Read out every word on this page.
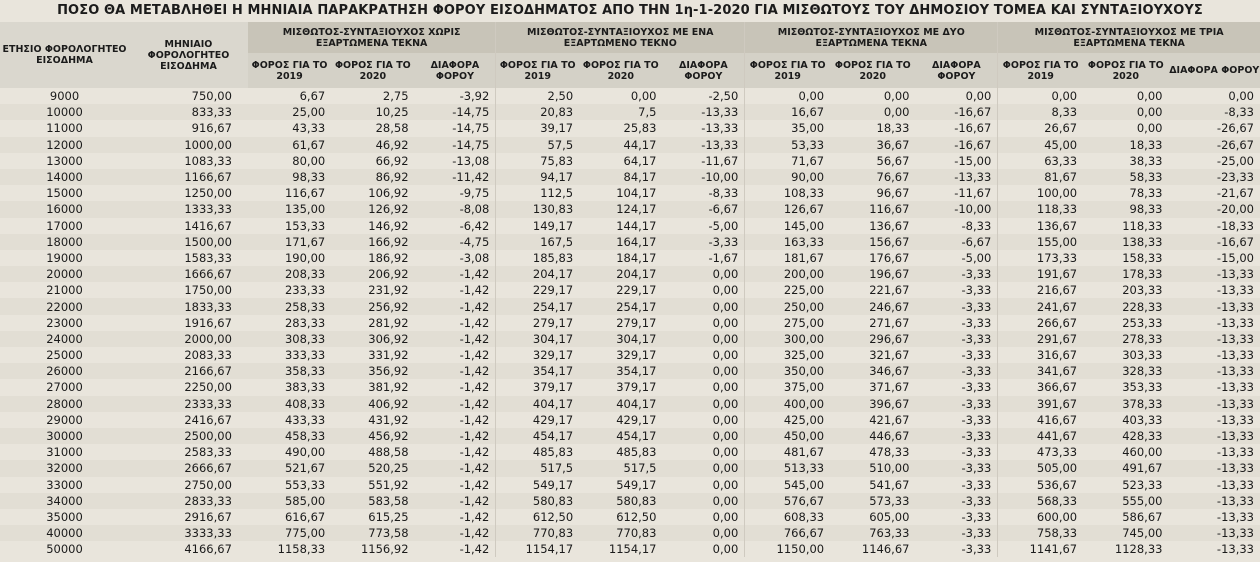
ΠΟΣΟ ΘΑ ΜΕΤΑΒΛΗΘΕΙ Η ΜΗΝΙΑΙΑ ΠΑΡΑΚΡΑΤΗΣΗ ΦΟΡΟΥ ΕΙΣΟΔΗΜΑΤΟΣ ΑΠΟ ΤΗΝ 1η-1-2020 ΓΙΑ ΜΙΣΘΩΤΟΥΣ ΤΟΥ ΔΗΜΟΣΙΟΥ ΤΟΜΕΑ ΚΑΙ ΣΥΝΤΑΞΙΟΥΧΟΥΣ
ΕΤΗΣΙΟ ΦΟΡΟΛΟΓΗΤΕΟ ΕΙΣΟΔΗΜΑ	ΜΗΝΙΑΙΟ ΦΟΡΟΛΟΓΗΤΕΟ ΕΙΣΟΔΗΜΑ	ΜΙΣΘΩΤΟΣ-ΣΥΝΤΑΞΙΟΥΧΟΣ ΧΩΡΙΣ ΕΞΑΡΤΩΜΕΝΑ ΤΕΚΝΑ			ΜΙΣΘΩΤΟΣ-ΣΥΝΤΑΞΙΟΥΧΟΣ ΜΕ ΕΝΑ ΕΞΑΡΤΩΜΕΝΟ ΤΕΚΝΟ			ΜΙΣΘΩΤΟΣ-ΣΥΝΤΑΞΙΟΥΧΟΣ ΜΕ ΔΥΟ ΕΞΑΡΤΩΜΕΝΑ ΤΕΚΝΑ			ΜΙΣΘΩΤΟΣ-ΣΥΝΤΑΞΙΟΥΧΟΣ ΜΕ ΤΡΙΑ ΕΞΑΡΤΩΜΕΝΑ ΤΕΚΝΑ		
		ΦΟΡΟΣ ΓΙΑ ΤΟ 2019	ΦΟΡΟΣ ΓΙΑ ΤΟ 2020	ΔΙΑΦΟΡΑ ΦΟΡΟΥ	ΦΟΡΟΣ ΓΙΑ ΤΟ 2019	ΦΟΡΟΣ ΓΙΑ ΤΟ 2020	ΔΙΑΦΟΡΑ ΦΟΡΟΥ	ΦΟΡΟΣ ΓΙΑ ΤΟ 2019	ΦΟΡΟΣ ΓΙΑ ΤΟ 2020	ΔΙΑΦΟΡΑ ΦΟΡΟΥ	ΦΟΡΟΣ ΓΙΑ ΤΟ 2019	ΦΟΡΟΣ ΓΙΑ ΤΟ 2020	ΔΙΑΦΟΡΑ ΦΟΡΟΥ
9000	750,00	6,67	2,75	-3,92	2,50	0,00	-2,50	0,00	0,00	0,00	0,00	0,00	0,00
10000	833,33	25,00	10,25	-14,75	20,83	7,5	-13,33	16,67	0,00	-16,67	8,33	0,00	-8,33
11000	916,67	43,33	28,58	-14,75	39,17	25,83	-13,33	35,00	18,33	-16,67	26,67	0,00	-26,67
12000	1000,00	61,67	46,92	-14,75	57,5	44,17	-13,33	53,33	36,67	-16,67	45,00	18,33	-26,67
13000	1083,33	80,00	66,92	-13,08	75,83	64,17	-11,67	71,67	56,67	-15,00	63,33	38,33	-25,00
14000	1166,67	98,33	86,92	-11,42	94,17	84,17	-10,00	90,00	76,67	-13,33	81,67	58,33	-23,33
15000	1250,00	116,67	106,92	-9,75	112,5	104,17	-8,33	108,33	96,67	-11,67	100,00	78,33	-21,67
16000	1333,33	135,00	126,92	-8,08	130,83	124,17	-6,67	126,67	116,67	-10,00	118,33	98,33	-20,00
17000	1416,67	153,33	146,92	-6,42	149,17	144,17	-5,00	145,00	136,67	-8,33	136,67	118,33	-18,33
18000	1500,00	171,67	166,92	-4,75	167,5	164,17	-3,33	163,33	156,67	-6,67	155,00	138,33	-16,67
19000	1583,33	190,00	186,92	-3,08	185,83	184,17	-1,67	181,67	176,67	-5,00	173,33	158,33	-15,00
20000	1666,67	208,33	206,92	-1,42	204,17	204,17	0,00	200,00	196,67	-3,33	191,67	178,33	-13,33
21000	1750,00	233,33	231,92	-1,42	229,17	229,17	0,00	225,00	221,67	-3,33	216,67	203,33	-13,33
22000	1833,33	258,33	256,92	-1,42	254,17	254,17	0,00	250,00	246,67	-3,33	241,67	228,33	-13,33
23000	1916,67	283,33	281,92	-1,42	279,17	279,17	0,00	275,00	271,67	-3,33	266,67	253,33	-13,33
24000	2000,00	308,33	306,92	-1,42	304,17	304,17	0,00	300,00	296,67	-3,33	291,67	278,33	-13,33
25000	2083,33	333,33	331,92	-1,42	329,17	329,17	0,00	325,00	321,67	-3,33	316,67	303,33	-13,33
26000	2166,67	358,33	356,92	-1,42	354,17	354,17	0,00	350,00	346,67	-3,33	341,67	328,33	-13,33
27000	2250,00	383,33	381,92	-1,42	379,17	379,17	0,00	375,00	371,67	-3,33	366,67	353,33	-13,33
28000	2333,33	408,33	406,92	-1,42	404,17	404,17	0,00	400,00	396,67	-3,33	391,67	378,33	-13,33
29000	2416,67	433,33	431,92	-1,42	429,17	429,17	0,00	425,00	421,67	-3,33	416,67	403,33	-13,33
30000	2500,00	458,33	456,92	-1,42	454,17	454,17	0,00	450,00	446,67	-3,33	441,67	428,33	-13,33
31000	2583,33	490,00	488,58	-1,42	485,83	485,83	0,00	481,67	478,33	-3,33	473,33	460,00	-13,33
32000	2666,67	521,67	520,25	-1,42	517,5	517,5	0,00	513,33	510,00	-3,33	505,00	491,67	-13,33
33000	2750,00	553,33	551,92	-1,42	549,17	549,17	0,00	545,00	541,67	-3,33	536,67	523,33	-13,33
34000	2833,33	585,00	583,58	-1,42	580,83	580,83	0,00	576,67	573,33	-3,33	568,33	555,00	-13,33
35000	2916,67	616,67	615,25	-1,42	612,50	612,50	0,00	608,33	605,00	-3,33	600,00	586,67	-13,33
40000	3333,33	775,00	773,58	-1,42	770,83	770,83	0,00	766,67	763,33	-3,33	758,33	745,00	-13,33
50000	4166,67	1158,33	1156,92	-1,42	1154,17	1154,17	0,00	1150,00	1146,67	-3,33	1141,67	1128,33	-13,33
